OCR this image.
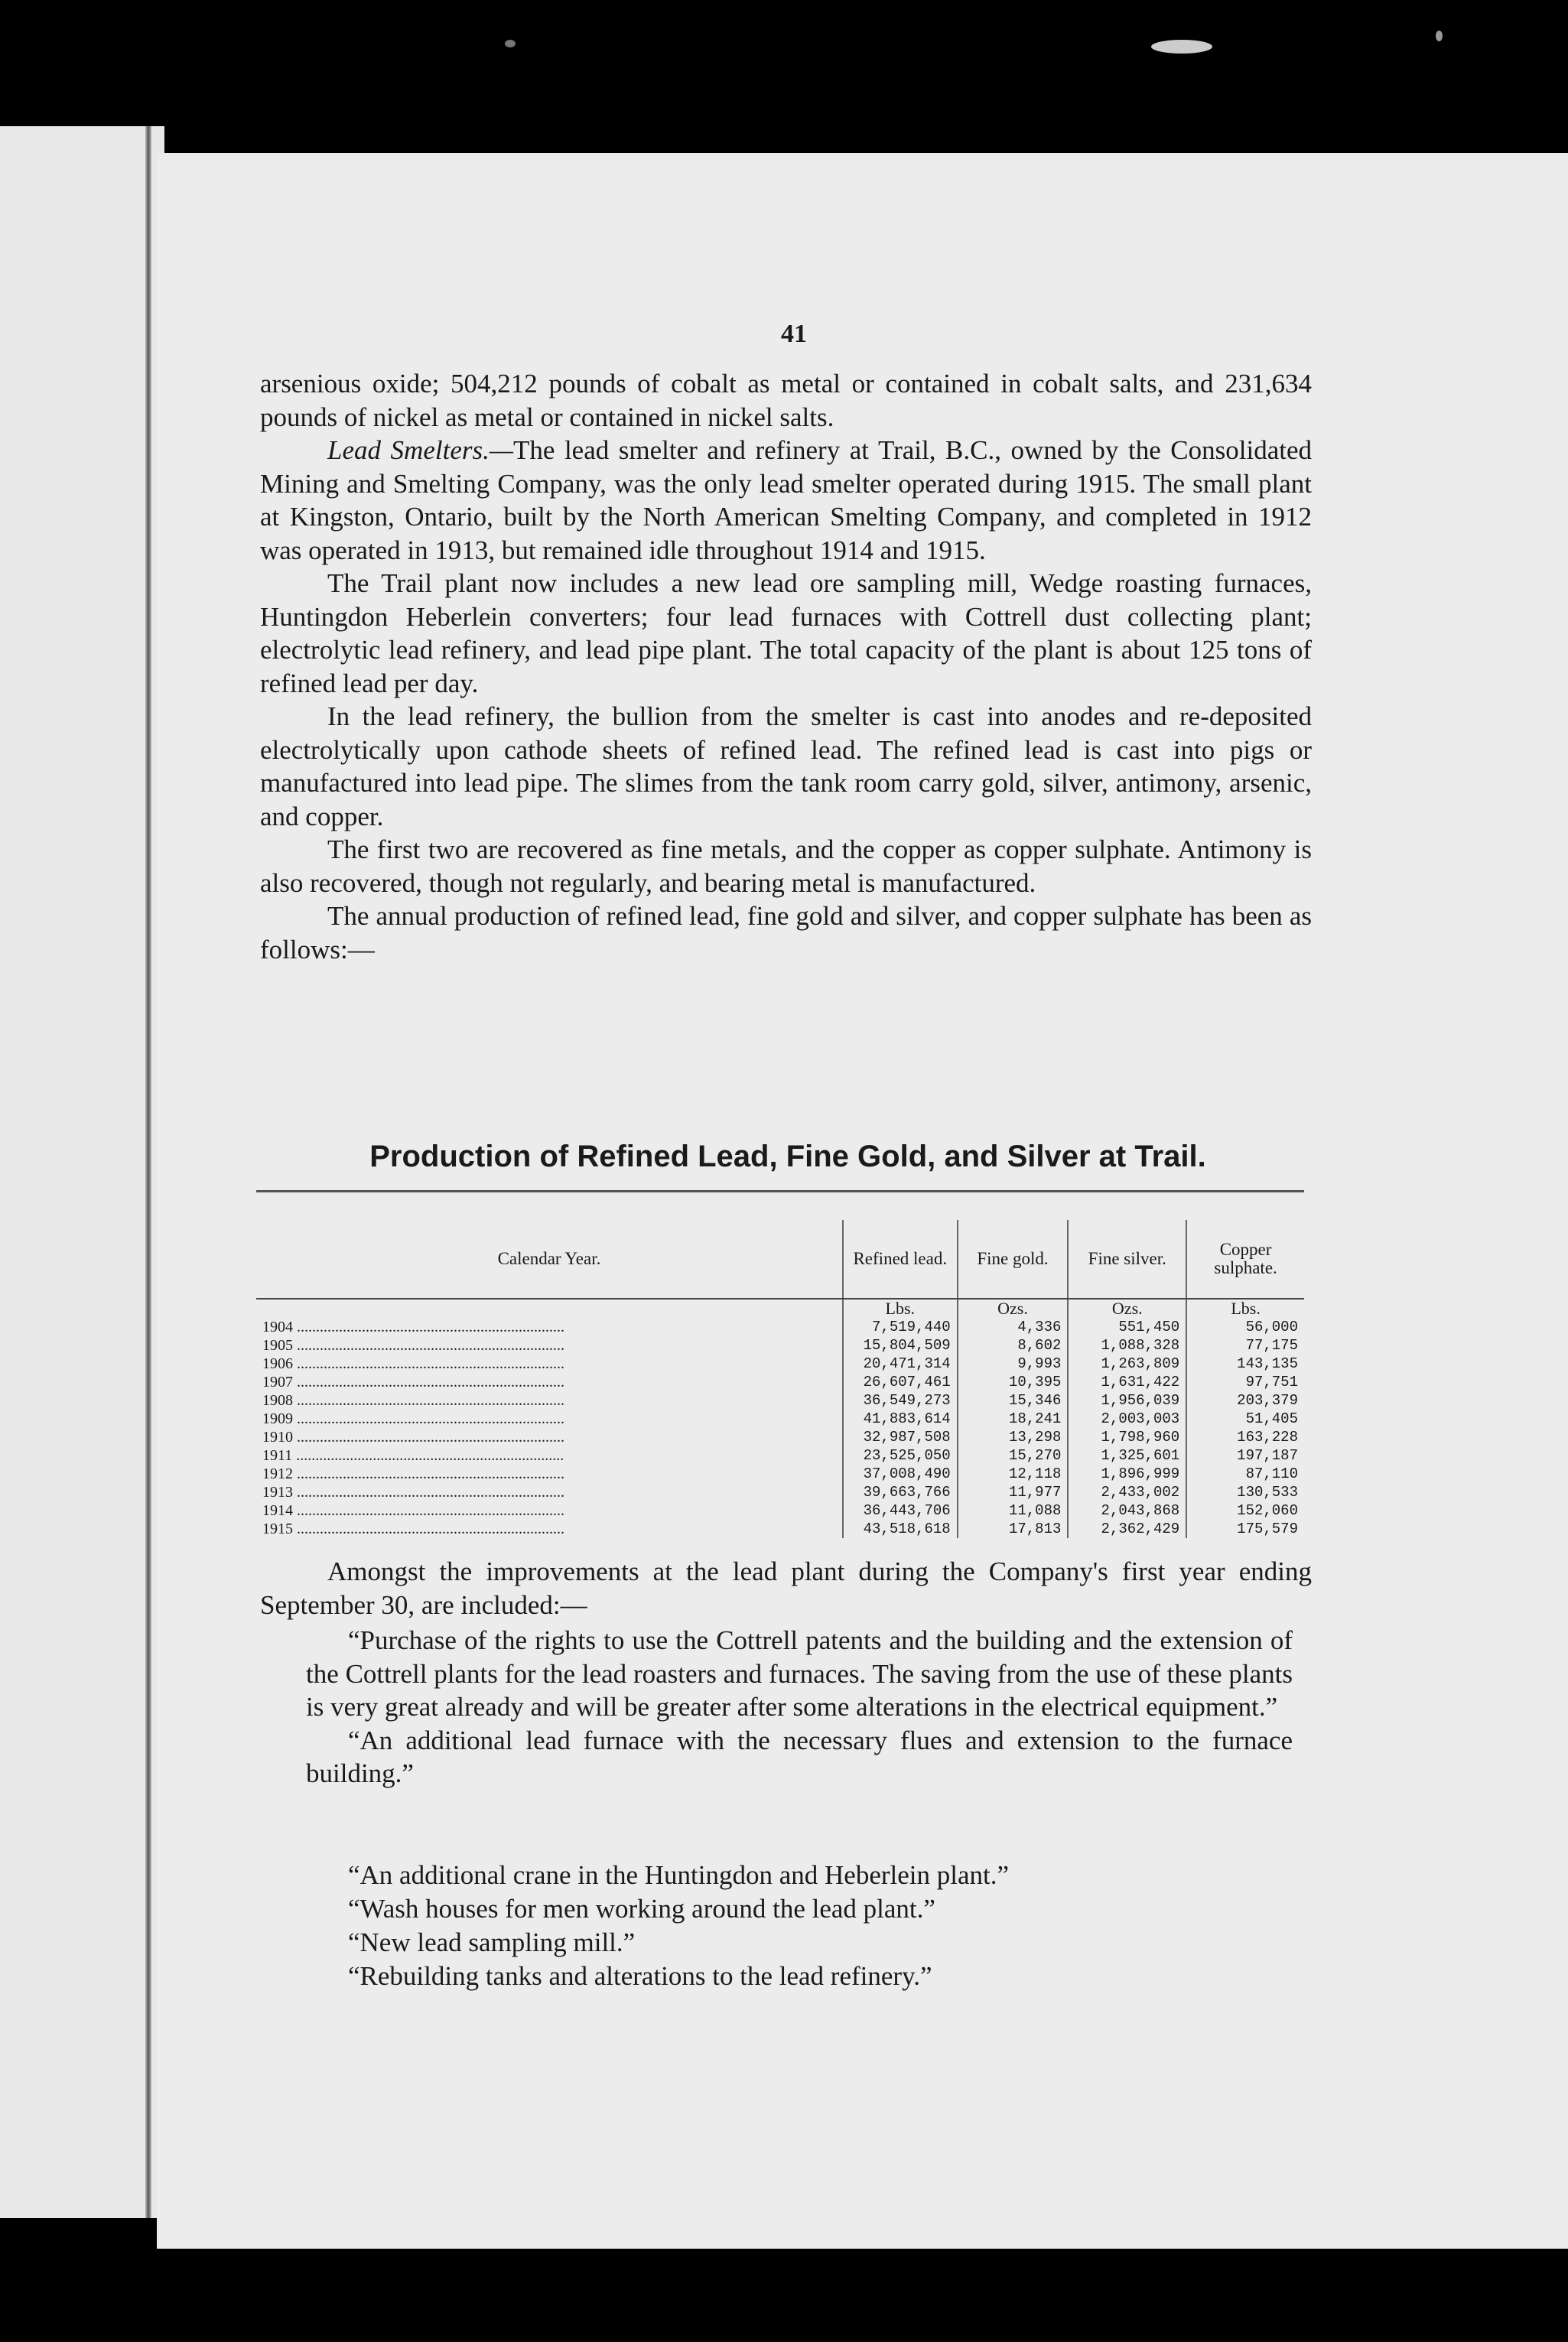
41

arsenious oxide; 504,212 pounds of cobalt as metal or contained in cobalt salts, and 231,634 pounds of nickel as metal or contained in nickel salts.

Lead Smelters.—The lead smelter and refinery at Trail, B.C., owned by the Consolidated Mining and Smelting Company, was the only lead smelter operated during 1915. The small plant at Kingston, Ontario, built by the North American Smelting Company, and completed in 1912 was operated in 1913, but remained idle throughout 1914 and 1915.

The Trail plant now includes a new lead ore sampling mill, Wedge roasting furnaces, Huntingdon Heberlein converters; four lead furnaces with Cottrell dust collecting plant; electrolytic lead refinery, and lead pipe plant. The total capacity of the plant is about 125 tons of refined lead per day.

In the lead refinery, the bullion from the smelter is cast into anodes and re-deposited electrolytically upon cathode sheets of refined lead. The refined lead is cast into pigs or manufactured into lead pipe. The slimes from the tank room carry gold, silver, antimony, arsenic, and copper.

The first two are recovered as fine metals, and the copper as copper sulphate. Antimony is also recovered, though not regularly, and bearing metal is manufactured.

The annual production of refined lead, fine gold and silver, and copper sulphate has been as follows:—

Production of Refined Lead, Fine Gold, and Silver at Trail.
Calendar Year.	Refined lead.	Fine gold.	Fine silver.	Copper sulphate.
	Lbs.	Ozs.	Ozs.	Lbs.
1904 ......................................................................	7,519,440	4,336	551,450	56,000
1905 ......................................................................	15,804,509	8,602	1,088,328	77,175
1906 ......................................................................	20,471,314	9,993	1,263,809	143,135
1907 ......................................................................	26,607,461	10,395	1,631,422	97,751
1908 ......................................................................	36,549,273	15,346	1,956,039	203,379
1909 ......................................................................	41,883,614	18,241	2,003,003	51,405
1910 ......................................................................	32,987,508	13,298	1,798,960	163,228
1911 ......................................................................	23,525,050	15,270	1,325,601	197,187
1912 ......................................................................	37,008,490	12,118	1,896,999	87,110
1913 ......................................................................	39,663,766	11,977	2,433,002	130,533
1914 ......................................................................	36,443,706	11,088	2,043,868	152,060
1915 ......................................................................	43,518,618	17,813	2,362,429	175,579

Amongst the improvements at the lead plant during the Company's first year ending September 30, are included:—

“Purchase of the rights to use the Cottrell patents and the building and the extension of the Cottrell plants for the lead roasters and furnaces. The saving from the use of these plants is very great already and will be greater after some alterations in the electrical equipment.”

“An additional lead furnace with the necessary flues and extension to the furnace building.”

“An additional crane in the Huntingdon and Heberlein plant.”
“Wash houses for men working around the lead plant.”
“New lead sampling mill.”
“Rebuilding tanks and alterations to the lead refinery.”
